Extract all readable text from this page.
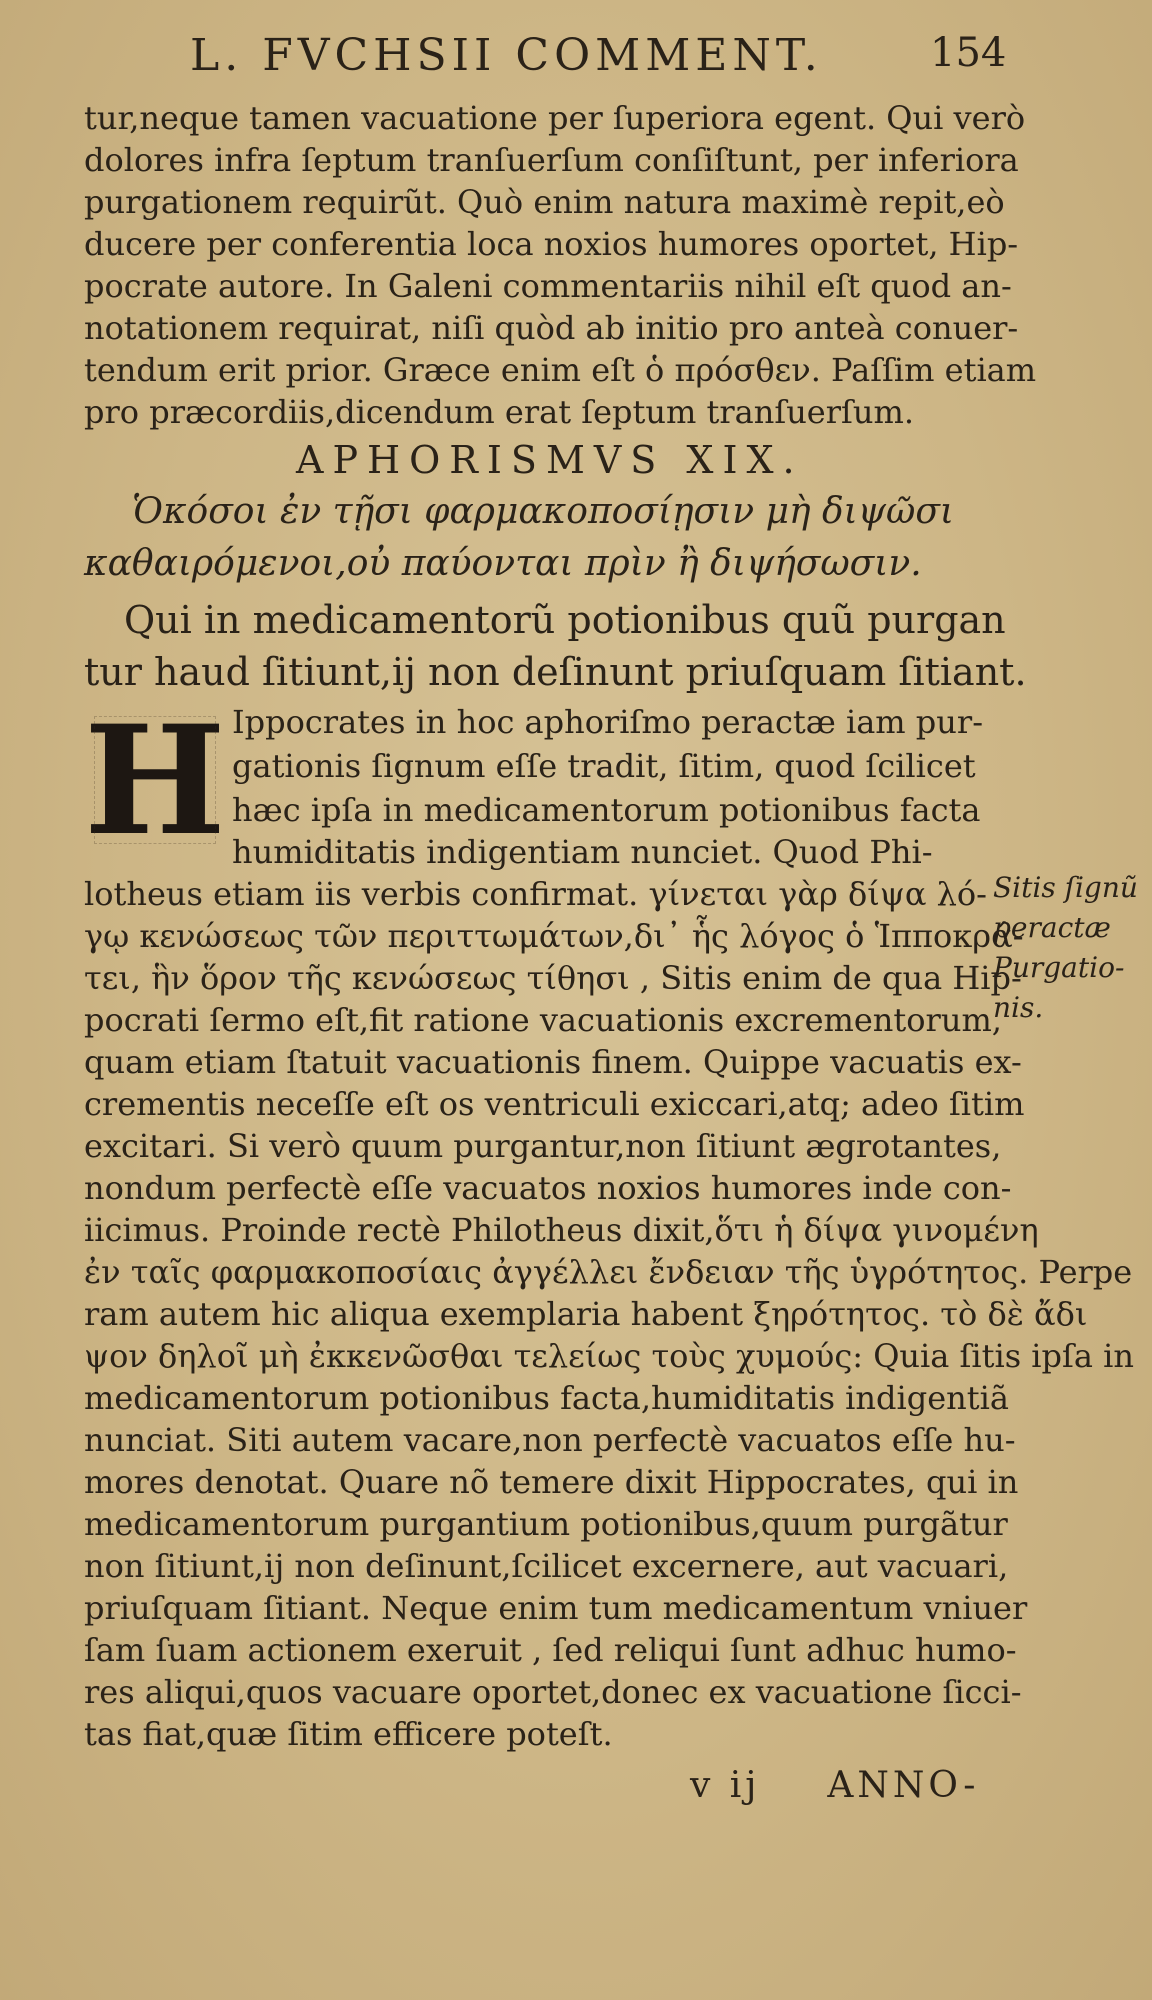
L. FVCHSII COMMENT.	154
tur,neque tamen vacuatione per ſuperiora egent. Qui verò
dolores infra ſeptum tranſuerſum conſiſtunt, per inferiora
purgationem requirũt. Quò enim natura maximè repit,eò
ducere per conferentia loca noxios humores oportet, Hip-
pocrate autore. In Galeni commentariis nihil eſt quod an-
notationem requirat, niſi quòd ab initio pro anteà conuer-
tendum erit prior. Græce enim eſt ὁ πρόσθεν. Paſſim etiam
pro præcordiis,dicendum erat ſeptum tranſuerſum.
APHORISMVS XIX.
Ὁκόσοι ἐν τῇσι φαρμακοποσίῃσιν μὴ διψῶσι
καθαιρόμενοι,οὐ παύονται πρὶν ἢ διψήσωσιν.
Qui in medicamentorũ potionibus quũ purgan
tur haud ſitiunt,ij non deſinunt priuſquam ſitiant.
H Ippocrates in hoc aphoriſmo peractæ iam pur-
gationis ſignum eſſe tradit, ſitim, quod ſcilicet
hæc ipſa in medicamentorum potionibus facta
humiditatis indigentiam nunciet. Quod Phi-
lotheus etiam iis verbis confirmat. γίνεται γὰρ δίψα λό-
γῳ κενώσεως τῶν περιττωμάτων,δι᾽ ἧς λόγος ὁ Ἱπποκρά-
τει, ἣν ὅρον τῆς κενώσεως τίθησι , Sitis enim de qua Hip-
pocrati ſermo eſt,fit ratione vacuationis excrementorum,
quam etiam ſtatuit vacuationis finem. Quippe vacuatis ex-
crementis neceſſe eſt os ventriculi exiccari,atq; adeo ſitim
excitari. Si verò quum purgantur,non ſitiunt ægrotantes,
nondum perfectè eſſe vacuatos noxios humores inde con-
iicimus. Proinde rectè Philotheus dixit,ὅτι ἡ δίψα γινομένη
ἐν ταῖς φαρμακοποσίαις ἀγγέλλει ἔνδειαν τῆς ὑγρότητος. Perpe
ram autem hic aliqua exemplaria habent ξηρότητος. τὸ δὲ ἄδι
ψον δηλοῖ μὴ ἐκκενῶσθαι τελείως τοὺς χυμούς: Quia ſitis ipſa in
medicamentorum potionibus facta,humiditatis indigentiã
nunciat. Siti autem vacare,non perfectè vacuatos eſſe hu-
mores denotat. Quare nõ temere dixit Hippocrates, qui in
medicamentorum purgantium potionibus,quum purgãtur
non ſitiunt,ij non deſinunt,ſcilicet excernere, aut vacuari,
priuſquam ſitiant. Neque enim tum medicamentum vniuer
ſam ſuam actionem exeruit , ſed reliqui ſunt adhuc humo-
res aliqui,quos vacuare oportet,donec ex vacuatione ſicci-
tas fiat,quæ ſitim efficere poteſt.
Sitis ſignũ
peractæ
Purgatio-
nis.
v ij ANNO-
